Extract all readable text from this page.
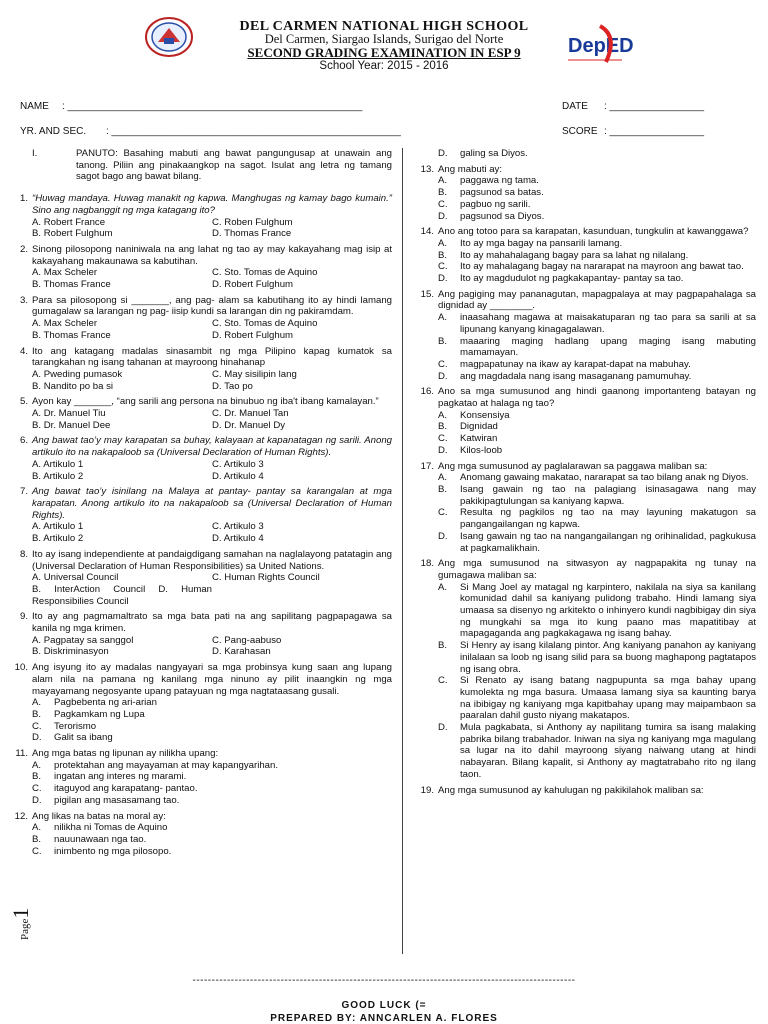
DEL CARMEN NATIONAL HIGH SCHOOL
Del Carmen, Siargao Islands, Surigao del Norte
SECOND GRADING EXAMINATION IN ESP 9
School Year: 2015 - 2016
DepED
NAME : _____________________________________________________
YR. AND SEC. : ____________________________________________________
DATE : _________________
SCORE : _________________
I.	PANUTO: Basahing mabuti ang bawat pangungusap at unawain ang tanong. Piliin ang pinakaangkop na sagot. Isulat ang letra ng tamang sagot bago ang bawat bilang.
1. “Huwag mandaya. Huwag manakit ng kapwa. Manghugas ng kamay bago kumain.” Sino ang nagbanggit ng mga katagang ito?
A. Robert France	C. Roben Fulghum
B. Robert Fulghum	D. Thomas France
2. Sinong pilosopong naniniwala na ang lahat ng tao ay may kakayahang mag isip at kakayahang makaunawa sa kabutihan.
A. Max Scheler	C. Sto. Tomas de Aquino
B. Thomas France	D. Robert Fulghum
3. Para sa pilosopong si _______, ang pag- alam sa kabutihang ito ay hindi lamang gumagalaw sa larangan ng pag- iisip kundi sa larangan din ng pakiramdam.
A. Max Scheler	C. Sto. Tomas de Aquino
B. Thomas France	D. Robert Fulghum
4. Ito ang katagang madalas sinasambit ng mga Pilipino kapag kumatok sa tarangkahan ng isang tahanan at mayroong hinahanap
A. Pweding pumasok	C. May sisilipin lang
B. Nandito po ba si	D. Tao po
5. Ayon kay _______, “ang sarili ang persona na binubuo ng iba't ibang kamalayan.”
A. Dr. Manuel Tiu	C. Dr. Manuel Tan
B. Dr. Manuel Dee	D. Dr. Manuel Dy
6. Ang bawat tao’y may karapatan sa buhay, kalayaan at kapanatagan ng sarili. Anong artikulo ito na nakapaloob sa (Universal Declaration of Human Rights).
A. Artikulo 1	C. Artikulo 3
B. Artikulo 2	D. Artikulo 4
7. Ang bawat tao’y isinilang na Malaya at pantay- pantay sa karangalan at mga karapatan. Anong artikulo ito na nakapaloob sa (Universal Declaration of Human Rights).
A. Artikulo 1	C. Artikulo 3
B. Artikulo 2	D. Artikulo 4
8. Ito ay isang independiente at pandaigdigang samahan na naglalayong patatagin ang (Universal Declaration of Human Responsibilities) sa United Nations.
A. Universal Council	C. Human Rights Council
B. InterAction Council D. Human Responsibilies Council
9. Ito ay ang pagmamaltrato sa mga bata pati na ang sapilitang pagpapagawa sa kanila ng mga krimen.
A. Pagpatay sa sanggol	C. Pang-aabuso
B. Diskriminasyon	D. Karahasan
10. Ang isyung ito ay madalas nangyayari sa mga probinsya kung saan ang lupang alam nila na pamana ng kanilang mga ninuno ay pilit inaangkin ng mga mayayamang negosyante upang patayuan ng mga nagtataasang gusali.
A. Pagbebenta ng ari-arian
B. Pagkamkam ng Lupa
C. Terorismo
D. Galit sa ibang
11. Ang mga batas ng lipunan ay nilikha upang:
A. protektahan ang mayayaman at may kapangyarihan.
B. ingatan ang interes ng marami.
C. itaguyod ang karapatang- pantao.
D. pigilan ang masasamang tao.
12. Ang likas na batas na moral ay:
A. nilikha ni Tomas de Aquino
B. nauunawaan nga tao.
C. inimbento ng mga pilosopo.
D. galing sa Diyos.
13. Ang mabuti ay:
A. paggawa ng tama.
B. pagsunod sa batas.
C. pagbuo ng sarili.
D. pagsunod sa Diyos.
14. Ano ang totoo para sa karapatan, kasunduan, tungkulin at kawanggawa?
A. Ito ay mga bagay na pansarili lamang.
B. Ito ay mahahalagang bagay para sa lahat ng nilalang.
C. Ito ay mahalagang bagay na nararapat na mayroon ang bawat tao.
D. Ito ay magdudulot ng pagkakapantay- pantay sa tao.
15. Ang pagiging may pananagutan, mapagpalaya at may pagpapahalaga sa dignidad ay ________.
A. inaasahang magawa at maisakatuparan ng tao para sa sarili at sa lipunang kanyang kinagagalawan.
B. maaaring maging hadlang upang maging isang mabuting mamamayan.
C. magpapatunay na ikaw ay karapat-dapat na mabuhay.
D. ang magdadala nang isang masaganang pamumuhay.
16. Ano sa mga sumusunod ang hindi gaanong importanteng batayan ng pagkatao at halaga ng tao?
A. Konsensiya
B. Dignidad
C. Katwiran
D. Kilos-loob
17. Ang mga sumusunod ay paglalarawan sa paggawa maliban sa:
A. Anomang gawaing makatao, nararapat sa tao bilang anak ng Diyos.
B. Isang gawain ng tao na palagiang isinasagawa nang may pakikipagtulungan sa kaniyang kapwa.
C. Resulta ng pagkilos ng tao na may layuning makatugon sa pangangailangan ng kapwa.
D. Isang gawain ng tao na nangangailangan ng orihinalidad, pagkukusa at pagkamalikhain.
18. Ang mga sumusunod na sitwasyon ay nagpapakita ng tunay na gumagawa maliban sa:
A. Si Mang Joel ay matagal ng karpintero, nakilala na siya sa kanilang komunidad dahil sa kaniyang pulidong trabaho. Hindi lamang siya umaasa sa disenyo ng arkitekto o inhinyero kundi nagbibigay din siya ng mungkahi sa mga ito kung paano mas mapatitibay at mapagaganda ang pagkakagawa ng isang bahay.
B. Si Henry ay isang kilalang pintor. Ang kaniyang panahon ay kaniyang inilalaan sa loob ng isang silid para sa buong maghapong pagtatapos ng isang obra.
C. Si Renato ay isang batang nagpupunta sa mga bahay upang kumolekta ng mga basura. Umaasa lamang siya sa kaunting barya na ibibigay ng kaniyang mga kapitbahay upang may maipambaon sa paaralan dahil gusto niyang makatapos.
D. Mula pagkabata, si Anthony ay napilitang tumira sa isang malaking pabrika bilang trabahador. Iniwan na siya ng kaniyang mga magulang sa lugar na ito dahil mayroong siyang naiwang utang at hindi nabayaran. Bilang kapalit, si Anthony ay magtatrabaho rito ng ilang taon.
19. Ang mga sumusunod ay kahulugan ng pakikilahok maliban sa:
----------------------------------------------------------------------------------------------------
GOOD LUCK (=
PREPARED BY: ANNCARLEN A. FLORES
Page1
